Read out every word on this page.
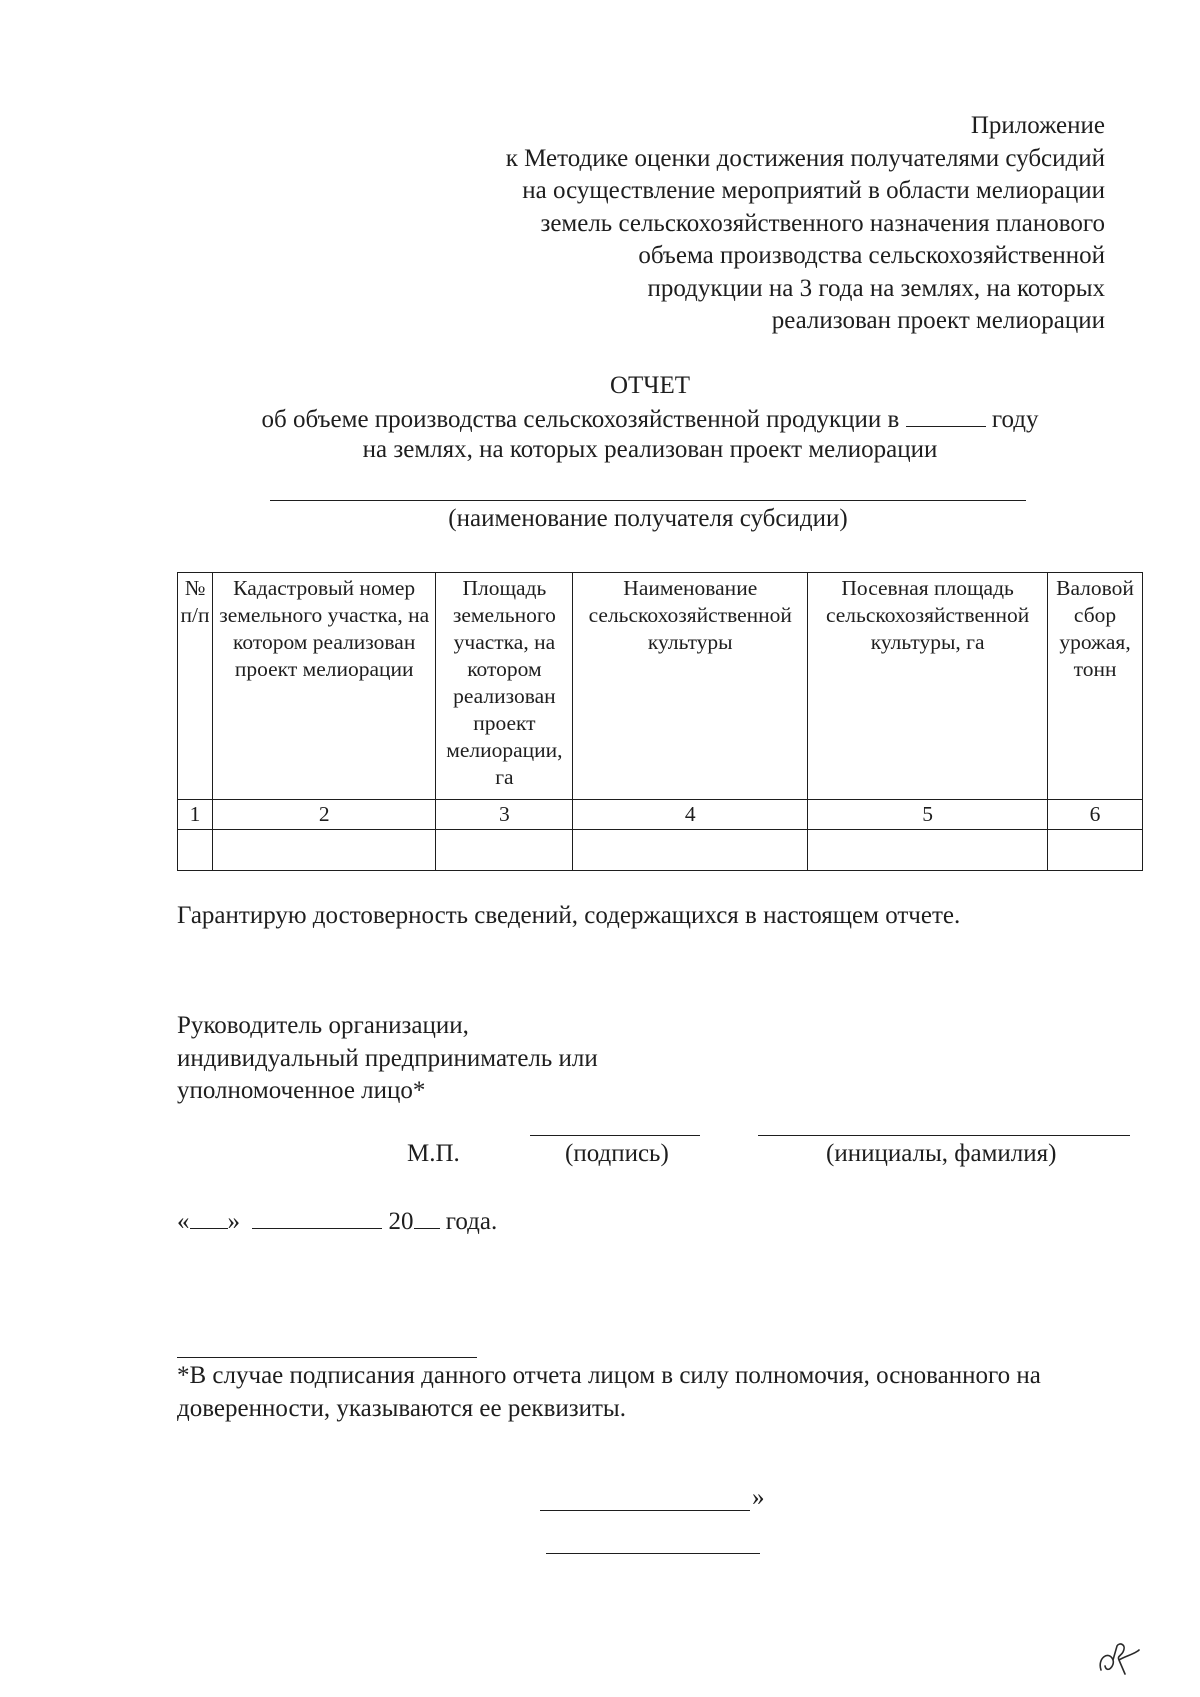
Приложение
к Методике оценки достижения получателями субсидий
на осуществление мероприятий в области мелиорации
земель сельскохозяйственного назначения планового
объема производства сельскохозяйственной
продукции на 3 года на землях, на которых
реализован проект мелиорации
ОТЧЕТ
об объеме производства сельскохозяйственной продукции в	году
на землях, на которых реализован проект мелиорации
(наименование получателя субсидии)
№ п/п	Кадастровый номер земельного участка, на котором реализован проект мелиорации	Площадь земельного участка, на котором реализован проект мелиорации, га	Наименование сельскохозяйственной культуры	Посевная площадь сельскохозяйственной культуры, га	Валовой сбор урожая, тонн
1	2	3	4	5	6

Гарантирую достоверность сведений, содержащихся в настоящем отчете.
Руководитель организации,
индивидуальный предприниматель или
уполномоченное лицо*
М.П.	(подпись)	(инициалы, фамилия)
« »	20 года.
*В случае подписания данного отчета лицом в силу полномочия, основанного на доверенности, указываются ее реквизиты.
»
